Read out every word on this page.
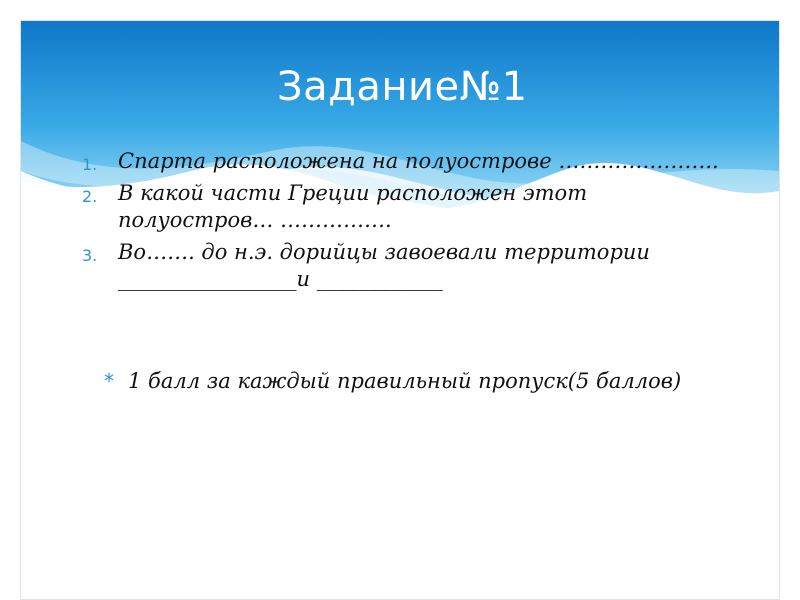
Задание№1
1. Спарта расположена на полуострове …………………..
2. В какой части Греции расположен этот полуостров… …………….
3. Во……. до н.э. дорийцы завоевали территории _________________и ____________
* 1 балл за каждый правильный пропуск(5 баллов)
